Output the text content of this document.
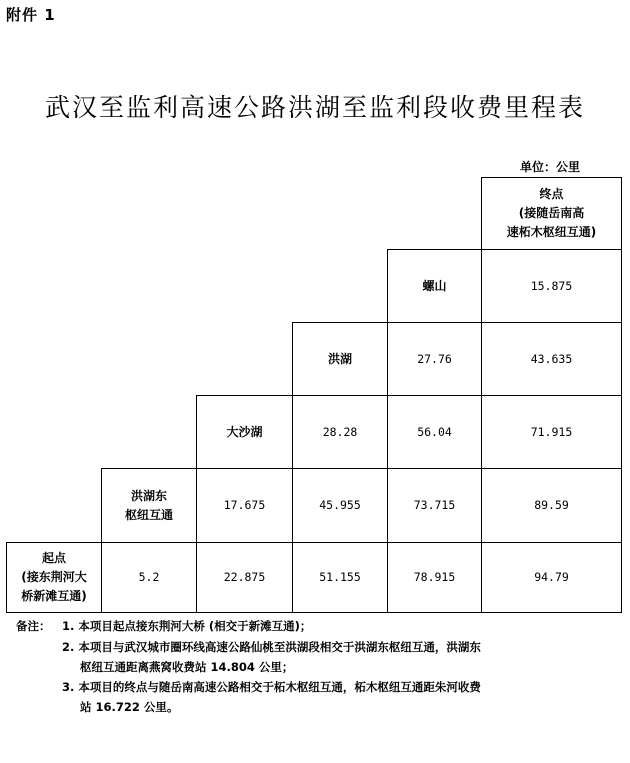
附件 1
武汉至监利高速公路洪湖至监利段收费里程表
单位：公里
终点
(接随岳南高
速柘木枢纽互通)
螺山	15.875
洪湖	27.76	43.635
大沙湖	28.28	56.04	71.915
洪湖东
枢纽互通
17.675	45.955	73.715	89.59
起点
(接东荆河大
桥新滩互通)
5.2	22.875	51.155	78.915	94.79
备注： 1. 本项目起点接东荆河大桥 (相交于新滩互通)；
2. 本项目与武汉城市圈环线高速公路仙桃至洪湖段相交于洪湖东枢纽互通，洪湖东
枢纽互通距离燕窝收费站 14.804 公里；
3. 本项目的终点与随岳南高速公路相交于柘木枢纽互通，柘木枢纽互通距朱河收费
站 16.722 公里。
